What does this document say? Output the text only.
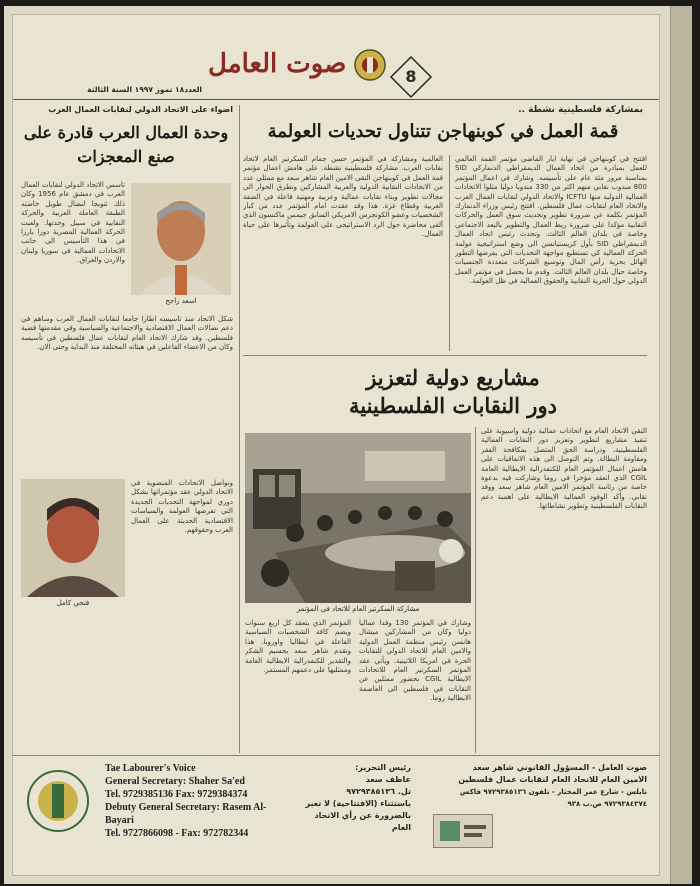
صوت العامل	8
العدد١٨ تموز ١٩٩٧ السنة الثالثة
بمشاركة فلسطينية نشطة ..
قمة العمل في كوبنهاجن تتناول تحديات العولمة
افتتح في كوبنهاجن في نهاية ايار الماضي مؤتمر القمة العالمي للعمل بمبادرة من اتحاد العمال الديمقراطي الدنماركي SID بمناسبة مرور مئة عام على تأسيسه. وشارك في اعمال المؤتمر 800 مندوب نقابي منهم اكثر من 330 مندوبا دوليا مثلوا الاتحادات العمالية الدولية منها ICFTU والاتحاد الدولي لنقابات العمال العرب والاتحاد العام لنقابات عمال فلسطين. افتتح رئيس وزراء الدنمارك المؤتمر بكلمة عن ضرورة تطوير وتحديث سوق العمل والحركات النقابية مؤكدا على ضرورة ربط العمال والتطوير بالبعد الاجتماعي وخاصة في بلدان العالم الثالث. وتحدث رئيس اتحاد العمال الديمقراطي SID بأول كريستيانسن الى وضع استراتيجية عولمة الحركة العمالية كي تستطيع مواجهة التحديات التي يفرضها التطور الهائل بحرية رأس المال وتوسيع الشركات متعددة الجنسيات وخاصة حيال بلدان العالم الثالث. وقدم ما يحصل في مؤتمر العمل الدولي حول الحرية النقابية والحقوق العمالية في ظل العولمة.
العالمية ومشاركة في المؤتمر حسن جمام السكرتير العام لاتحاد نقابات العرب. مشاركة فلسطينية نشطة. على هامش اعمال مؤتمر قمة العمل في كوبنهاجن التقى الامين العام شاهر سعد مع ممثلي عدد من الاتحادات النقابية الدولية والعربية المشاركين وتطرق الحوار الى مجالات تطوير وبناء نقابات عمالية وعربية ومهنية فاعلة في الضفة الغربية وقطاع غزة. هذا وقد عقدت امام المؤتمر عدد من كبار الشخصيات وعضو الكونجرس الامريكي السابق جيمس ماكنسون الذي ألقى محاضرة حول الرد الاستراتيجي على العولمة وتأثيرها على حياة العمال.
مشاريع دولية لتعزيز
دور النقابات الفلسطينية
التقى الاتحاد العام مع اتحادات عمالية دولية واسيوية على تنفيذ مشاريع لتطوير وتعزيز دور النقابات العمالية الفلسطينية، ودراسة الحق المتصل بمكافحة الفقر ومقاومة البطالة. وتم التوصل الى هذه الاتفاقيات على هامش اعمال المؤتمر العام للكنفدرالية الايطالية العامة CGIL الذي انعقد مؤخرا في روما وشاركت فيه بدعوة خاصة من رئاسة المؤتمر الامين العام شاهر سعد ووفد نقابي. وأكد الوفود العمالية الايطالية على اهمية دعم النقابات الفلسطينية وتطوير نشاطاتها.
مشاركة السكرتير العام للاتحاد في المؤتمر
وشارك في المؤتمر 130 وفدا عماليا دوليا وكان من المشاركين ميشال هانسن رئيس منظمة العمل الدولية والامين العام للاتحاد الدولي للنقابات الحرة في امريكا اللاتينية. ويأتي عقد المؤتمر السكرتير العام للاتحادات الايطالية CGIL بحضور ممثلين عن النقابات في فلسطين الى العاصمة الايطالية روما.
المؤتمر الذي يتعقد كل اربع سنوات ويضم كافة الشخصيات السياسية الفاعلة في ايطاليا واوروبا. هذا وتقدم شاهر سعد بجسيم الشكر والتقدير للكنفدرالية الايطالية العامة وممثليها على دعمهم المستمر.
اضواء على الاتحاد الدولي لنقابات العمال العرب
وحدة العمال العرب قادرة على صنع المعجزات
اسعد راجح
تأسس الاتحاد الدولي لنقابات العمال العرب في دمشق عام 1956 وكان ذلك تتويجا لنضال طويل خاضته الطبقة العاملة العربية والحركة النقابية في سبيل وحدتها. ولعبت الحركة العمالية المصرية دورا بارزا في هذا التأسيس الى جانب الاتحادات العمالية في سوريا ولبنان والاردن والعراق.
شكل الاتحاد منذ تأسيسه اطارا جامعا لنقابات العمال العرب وساهم في دعم نضالات العمال الاقتصادية والاجتماعية والسياسية وفي مقدمتها قضية فلسطين. وقد شارك الاتحاد العام لنقابات عمال فلسطين في تأسيسه وكان من الاعضاء الفاعلين في هيئاته المختلفة منذ البداية وحتى الان.
فتحي كامل
وتواصل الاتحادات المنضوية في الاتحاد الدولي عقد مؤتمراتها بشكل دوري لمواجهة التحديات الجديدة التي تفرضها العولمة والسياسات الاقتصادية الحديثة على العمال العرب وحقوقهم.
Tae Labourer's Voice
General Secretary: Shaher Sa'ed
Tel. 9729385136 Fax: 9729384374
Debuty General Secretary: Rasem Al-Bayari
Tel. 9727866098 - Fax: 972782344
رئيس التحرير:
عاطف سعد
تل. ٩٧٢٩٣٨٥١٣٦
باستثناء (الافتتاحية) لا تعبر
بالضرورة عن رأي الاتحاد العام
صوت العامل - المسؤول القانوني شاهر سعد
الامين العام للاتحاد العام لنقابات عمال فلسطين
نابلس - شارع عمر المختار - تلفون ٩٧٢٩٣٨٥١٣٦ فاكس ٩٧٢٩٣٨٤٣٧٤ ص.ب ٩٣٨
